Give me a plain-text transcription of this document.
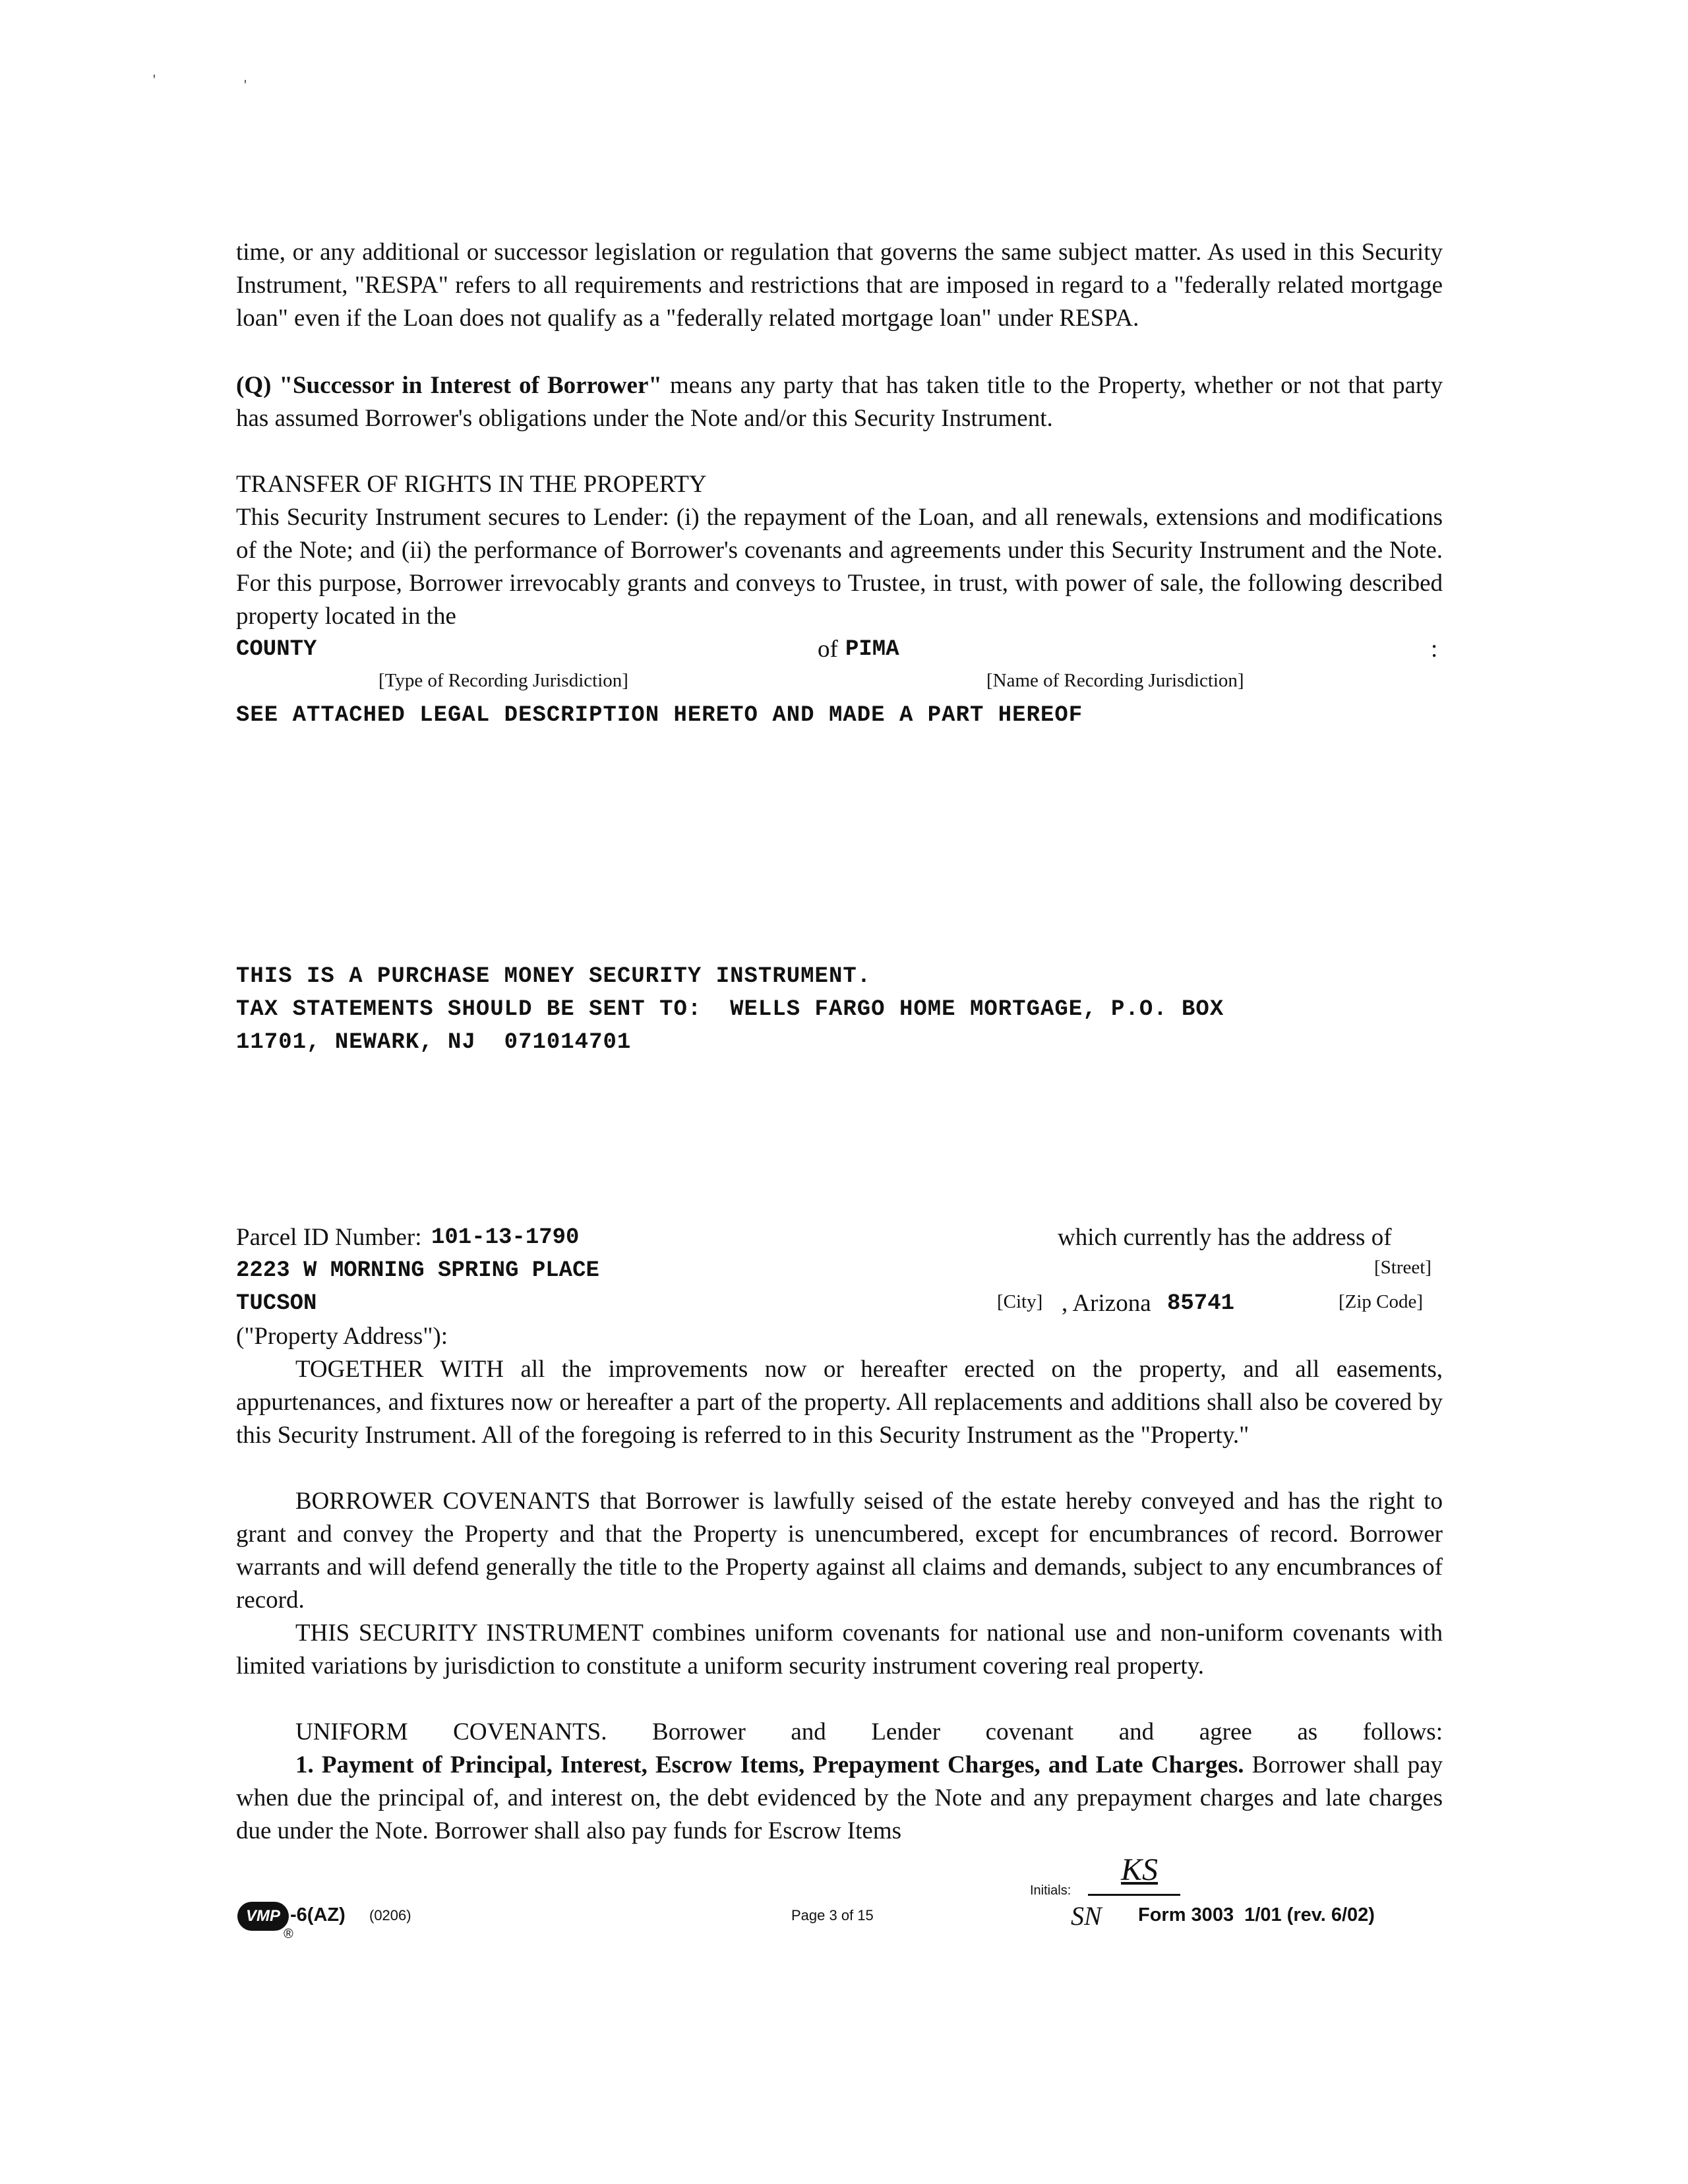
'	'
time, or any additional or successor legislation or regulation that governs the same subject matter. As used in this Security Instrument, "RESPA" refers to all requirements and restrictions that are imposed in regard to a "federally related mortgage loan" even if the Loan does not qualify as a "federally related mortgage loan" under RESPA.
(Q) "Successor in Interest of Borrower" means any party that has taken title to the Property, whether or not that party has assumed Borrower's obligations under the Note and/or this Security Instrument.
TRANSFER OF RIGHTS IN THE PROPERTY
This Security Instrument secures to Lender: (i) the repayment of the Loan, and all renewals, extensions and modifications of the Note; and (ii) the performance of Borrower's covenants and agreements under this Security Instrument and the Note. For this purpose, Borrower irrevocably grants and conveys to Trustee, in trust, with power of sale, the following described property located in the
COUNTY	of PIMA	:
[Type of Recording Jurisdiction]	[Name of Recording Jurisdiction]
SEE ATTACHED LEGAL DESCRIPTION HERETO AND MADE A PART HEREOF
THIS IS A PURCHASE MONEY SECURITY INSTRUMENT.
TAX STATEMENTS SHOULD BE SENT TO:  WELLS FARGO HOME MORTGAGE, P.O. BOX
11701, NEWARK, NJ  071014701
Parcel ID Number: 101-13-1790	which currently has the address of
2223 W MORNING SPRING PLACE	[Street]
TUCSON	[City] , Arizona 85741	[Zip Code]
("Property Address"):
TOGETHER WITH all the improvements now or hereafter erected on the property, and all easements, appurtenances, and fixtures now or hereafter a part of the property. All replacements and additions shall also be covered by this Security Instrument. All of the foregoing is referred to in this Security Instrument as the "Property."
BORROWER COVENANTS that Borrower is lawfully seised of the estate hereby conveyed and has the right to grant and convey the Property and that the Property is unencumbered, except for encumbrances of record. Borrower warrants and will defend generally the title to the Property against all claims and demands, subject to any encumbrances of record.
THIS SECURITY INSTRUMENT combines uniform covenants for national use and non-uniform covenants with limited variations by jurisdiction to constitute a uniform security instrument covering real property.
UNIFORM COVENANTS. Borrower and Lender covenant and agree as follows:
1. Payment of Principal, Interest, Escrow Items, Prepayment Charges, and Late Charges. Borrower shall pay when due the principal of, and interest on, the debt evidenced by the Note and any prepayment charges and late charges due under the Note. Borrower shall also pay funds for Escrow Items
VMP
®
-6(AZ) (0206)	Page 3 of 15
Initials:
KS
SN Form 3003  1/01 (rev. 6/02)
